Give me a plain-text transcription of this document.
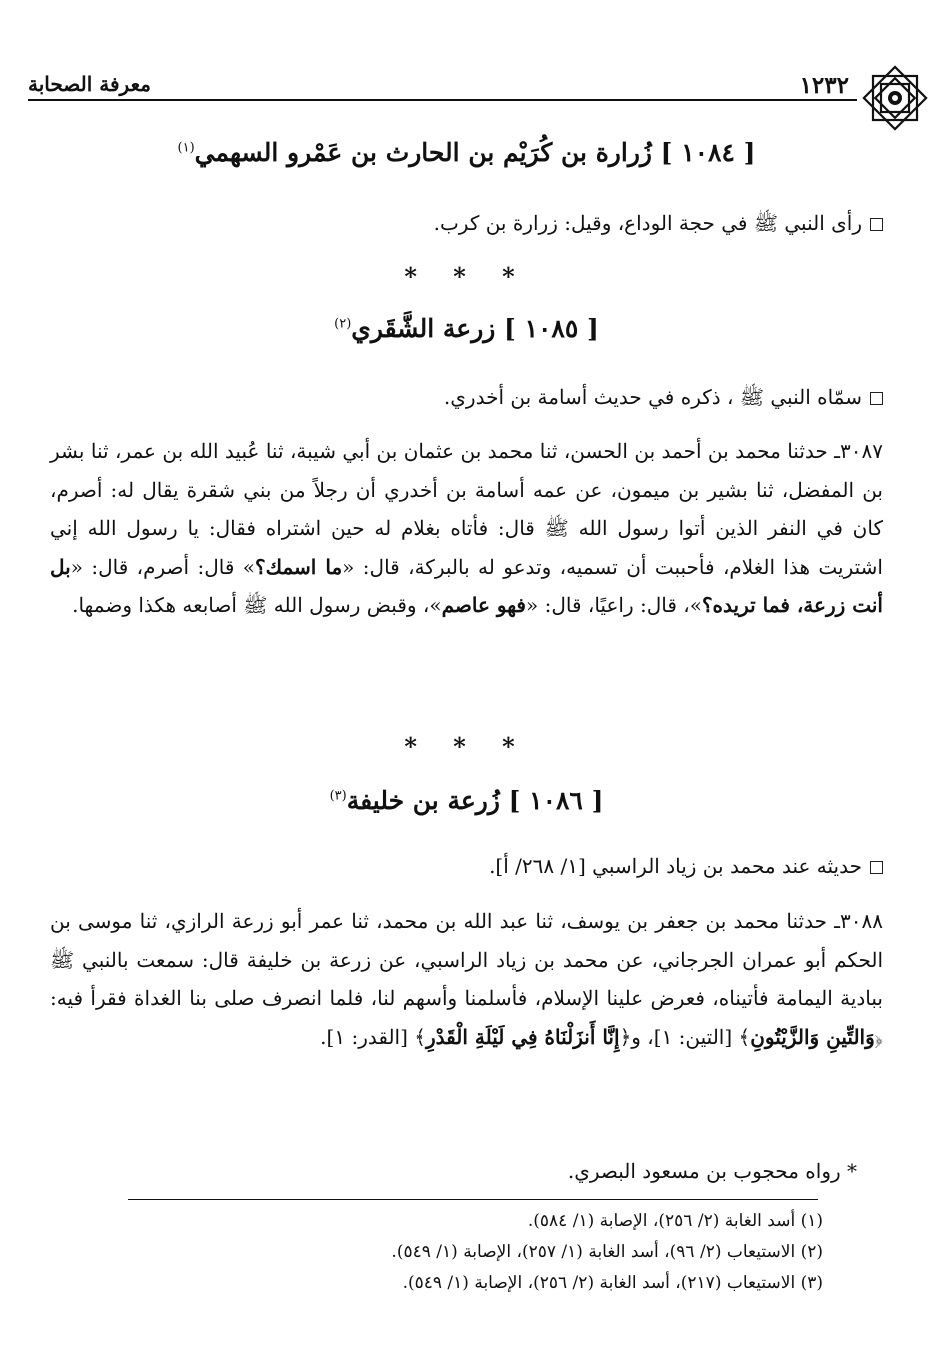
١٢٣٢
معرفة الصحابة
[ ١٠٨٤ ] زُرارة بن كُرَيْم بن الحارث بن عَمْرو السهمي$^{(١)}$
رأى النبي ﷺ في حجة الوداع، وقيل: زرارة بن كرب.
* * *
[ ١٠٨٥ ] زرعة الشَّقَري$^{(٢)}$
سمّاه النبي ﷺ ، ذكره في حديث أسامة بن أخدري.
٣٠٨٧ـ حدثنا محمد بن أحمد بن الحسن، ثنا محمد بن عثمان بن أبي شيبة، ثنا عُبيد الله بن عمر، ثنا بشر بن المفضل، ثنا بشير بن ميمون، عن عمه أسامة بن أخدري أن رجلاً من بني شقرة يقال له: أصرم، كان في النفر الذين أتوا رسول الله ﷺ قال: فأتاه بغلام له حين اشتراه فقال: يا رسول الله إني اشتريت هذا الغلام، فأحببت أن تسميه، وتدعو له بالبركة، قال: «ما اسمك؟» قال: أصرم، قال: «بل أنت زرعة، فما تريده؟»، قال: راعيًا، قال: «فهو عاصم»، وقبض رسول الله ﷺ أصابعه هكذا وضمها.
* * *
[ ١٠٨٦ ] زُرعة بن خليفة$^{(٣)}$
حديثه عند محمد بن زياد الراسبي [١/ ٢٦٨/ أ].
٣٠٨٨ـ حدثنا محمد بن جعفر بن يوسف، ثنا عبد الله بن محمد، ثنا عمر أبو زرعة الرازي، ثنا موسى بن الحكم أبو عمران الجرجاني، عن محمد بن زياد الراسبي، عن زرعة بن خليفة قال: سمعت بالنبي ﷺ ببادية اليمامة فأتيناه، فعرض علينا الإسلام، فأسلمنا وأسهم لنا، فلما انصرف صلى بنا الغداة فقرأ فيه: ﴿وَالتِّينِ وَالزَّيْتُونِ﴾ [التين: ١]، و﴿إِنَّا أَنزَلْنَاهُ فِي لَيْلَةِ الْقَدْرِ﴾ [القدر: ١].
* رواه محجوب بن مسعود البصري.
(١) أسد الغابة (٢/ ٢٥٦)، الإصابة (١/ ٥٨٤).
(٢) الاستيعاب (٢/ ٩٦)، أسد الغابة (١/ ٢٥٧)، الإصابة (١/ ٥٤٩).
(٣) الاستيعاب (٢١٧)، أسد الغابة (٢/ ٢٥٦)، الإصابة (١/ ٥٤٩).
